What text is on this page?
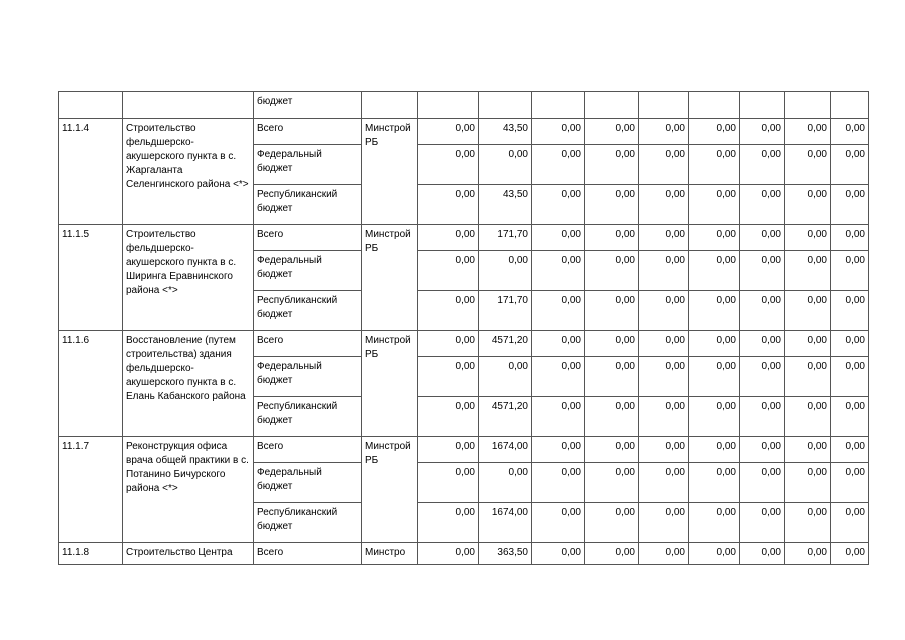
		бюджет										
11.1.4	Строительство фельдшерско-акушерского пункта в с. Жаргаланта Селенгинского района <*>	Всего	Минстрой РБ	0,00	43,50	0,00	0,00	0,00	0,00	0,00	0,00	0,00
		Федеральный бюджет		0,00	0,00	0,00	0,00	0,00	0,00	0,00	0,00	0,00
		Республиканский бюджет		0,00	43,50	0,00	0,00	0,00	0,00	0,00	0,00	0,00
11.1.5	Строительство фельдшерско-акушерского пункта в с. Ширинга Еравнинского района <*>	Всего	Минстрой РБ	0,00	171,70	0,00	0,00	0,00	0,00	0,00	0,00	0,00
		Федеральный бюджет		0,00	0,00	0,00	0,00	0,00	0,00	0,00	0,00	0,00
		Республиканский бюджет		0,00	171,70	0,00	0,00	0,00	0,00	0,00	0,00	0,00
11.1.6	Восстановление (путем строительства) здания фельдшерско-акушерского пункта в с. Елань Кабанского района	Всего	Минстрой РБ	0,00	4571,20	0,00	0,00	0,00	0,00	0,00	0,00	0,00
		Федеральный бюджет		0,00	0,00	0,00	0,00	0,00	0,00	0,00	0,00	0,00
		Республиканский бюджет		0,00	4571,20	0,00	0,00	0,00	0,00	0,00	0,00	0,00
11.1.7	Реконструкция офиса врача общей практики в с. Потанино Бичурского района <*>	Всего	Минстрой РБ	0,00	1674,00	0,00	0,00	0,00	0,00	0,00	0,00	0,00
		Федеральный бюджет		0,00	0,00	0,00	0,00	0,00	0,00	0,00	0,00	0,00
		Республиканский бюджет		0,00	1674,00	0,00	0,00	0,00	0,00	0,00	0,00	0,00
11.1.8	Строительство Центра	Всего	Минстро	0,00	363,50	0,00	0,00	0,00	0,00	0,00	0,00	0,00
